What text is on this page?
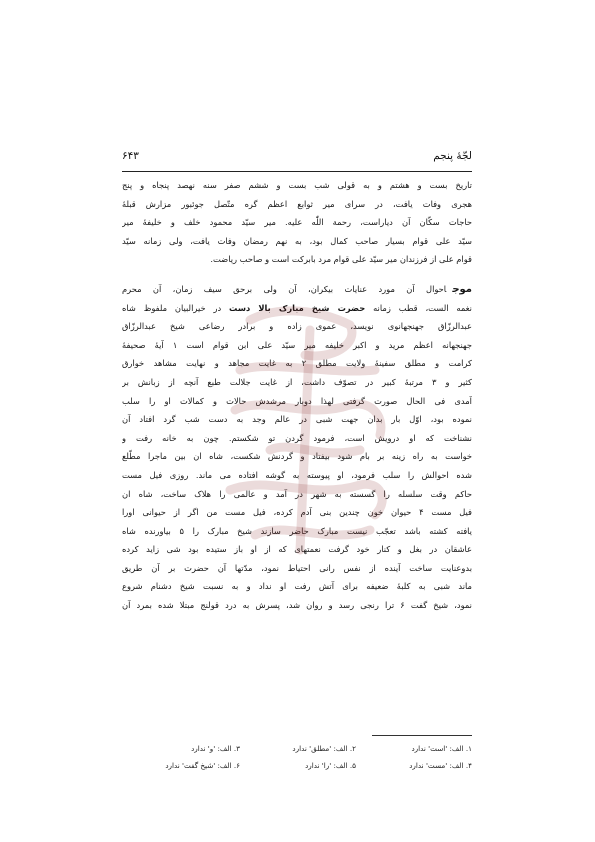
لجّهٔ پنجم
۶۴۳
تاریخ بست و هشتم و به قولی شب بست و ششم صفر سنه نهصد پنجاه و پنج
هجری وفات یافت، در سرای میر ثوابع اعظم گره متّصل جوئبور مزارش قبلهٔ
حاجات سکّان آن دیاراست، رحمة اللّٰه علیه. میر سیّد محمود خلف و خلیفهٔ میر
سیّد علی قوام بسیار صاحب کمال بود، به نهم رمضان وفات یافت، ولی زمانه سیّد
قوام علی از فرزندان میر سیّد علی قوام مرد بابرکت است و صاحب ریاضت.
موجاحوال آن مورد عنایات بیکران، آن ولی برحق سیف زمان، آن محرم
نغمه الست، قطب زمانه حضرت شیخ مبارک بالا دست در خیرالبیان ملفوظ شاه
عبدالرزّاق جهنجهانوی نویسد، عموی زاده و برادر رضاعی شیخ عبدالرزّاق
جهنجهانه اعظم مرید و اکبر خلیفه میر سیّد علی ابن قوام است ۱ آیهٔ صحیفهٔ
کرامت و مطلق سفینهٔ ولایت مطلق ۲ به غایت مجاهد و نهایت مشاهد خوارق
کثیر و ۳ مرتبهٔ کبیر در تصوّف داشت، از غایت جلالت طبع آنچه از زبانش بر
آمدی فی الحال صورت گرفتی لهذا دوبار مرشدش حالات و کمالات او را سلب
نموده بود، اوّل بار بدان جهت شبی در عالم وجد به دست شب گرد افتاد آن
نشناخت که او درویش است، فرمود گردن تو شکستم. چون به خانه رفت و
خواست به راه زینه بر بام شود بیفتاد و گردنش شکست، شاه ان بین ماجرا مطّلع
شده احوالش را سلب فرمود، او پیوسته به گوشه افتاده می ماند. روزی فیل مست
حاکم وقت سلسله را گسسته به شهر در آمد و عالمی را هلاک ساخت، شاه ان
فیل مست ۴ حیوان خون چندین بنی آدم کرده، فیل مست من اگر از حیوانی اورا
یافته کشته باشد تعجّب نیست مبارک حاضر سازند شیخ مبارک را ۵ بیاورنده شاه
عاشقان در بغل و کنار خود گرفت نعمتهای که از او باز ستیده بود شی زاید کرده
بدوعنایت ساخت آینده از نفس رانی احتیاط نمود، مدّتها آن حضرت بر آن طریق
ماند شبی به کلبهٔ ضعیفه برای آتش رفت او نداد و به نسبت شیخ دشنام شروع
نمود، شیخ گفت ۶ ترا رنجی رسد و روان شد، پسرش به درد قولنج مبتلا شده بمرد آن
۱. الف: 'است' ندارد
۲. الف: 'مطلق' ندارد
۳. الف: 'و' ندارد
۴. الف: 'مست' ندارد
۵. الف: 'را' ندارد
۶. الف: 'شیخ گفت' ندارد
